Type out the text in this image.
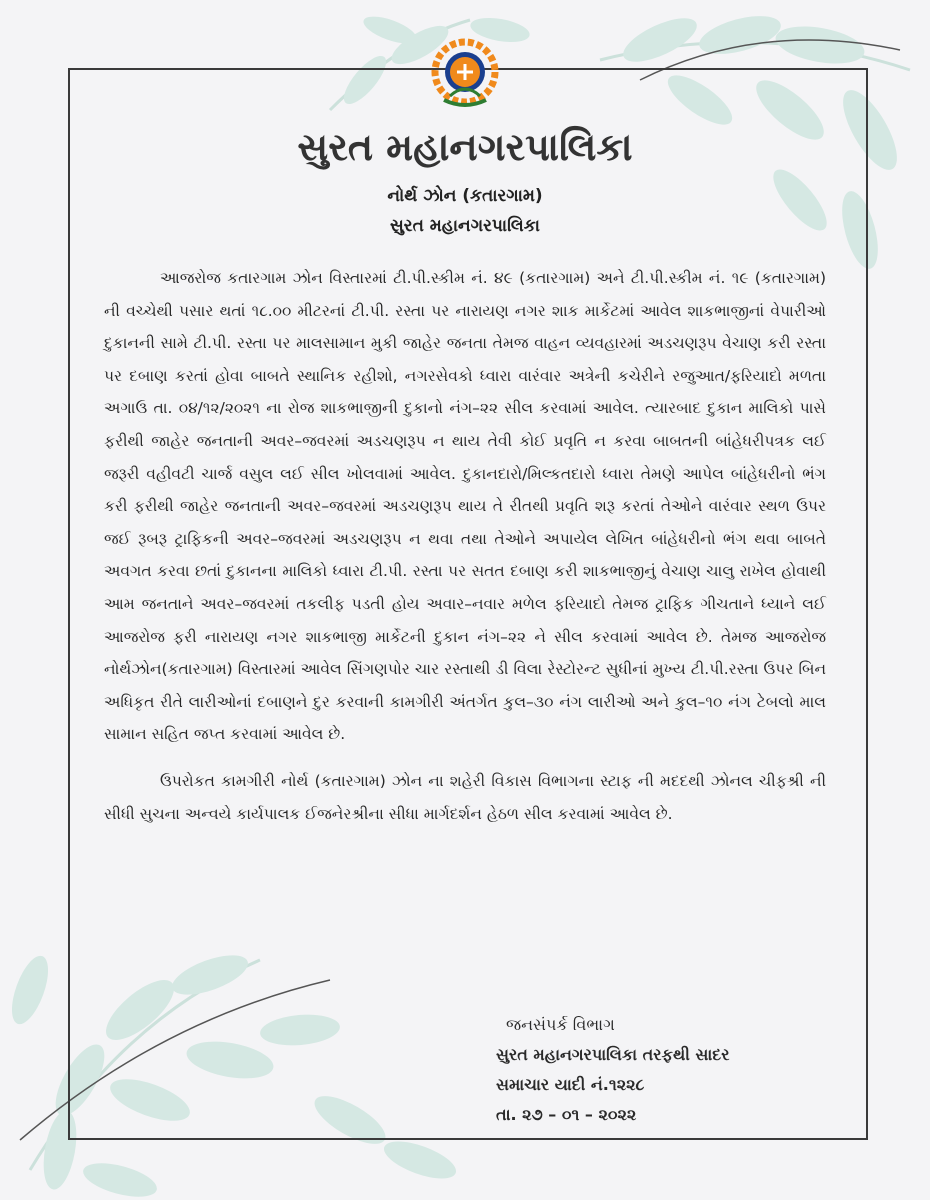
સુરત મહાનગરપાલિકા
નોર્થ ઝોન (કતારગામ)
સુરત મહાનગરપાલિકા

આજરોજ કતારગામ ઝોન વિસ્તારમાં ટી.પી.સ્કીમ નં. ૪૯ (કતારગામ) અને ટી.પી.સ્કીમ નં. ૧૯ (કતારગામ) ની વચ્ચેથી પસાર થતાં ૧૮.૦૦ મીટરનાં ટી.પી. રસ્તા પર નારાયણ નગર શાક માર્કેટમાં આવેલ શાકભાજીનાં વેપારીઓ દુકાનની સામે ટી.પી. રસ્તા પર માલસામાન મુકી જાહેર જનતા તેમજ વાહન વ્યવહારમાં અડચણરૂપ વેચાણ કરી રસ્તા પર દબાણ કરતાં હોવા બાબતે સ્થાનિક રહીશો, નગરસેવકો ધ્વારા વારંવાર અત્રેની કચેરીને રજુઆત/ફરિયાદો મળતા અગાઉ તા. ૦૪/૧૨/૨૦૨૧ ના રોજ શાકભાજીની દુકાનો નંગ–૨૨ સીલ કરવામાં આવેલ. ત્યારબાદ દુકાન માલિકો પાસે ફરીથી જાહેર જનતાની અવર–જવરમાં અડચણરૂપ ન થાય તેવી કોઈ પ્રવૃતિ ન કરવા બાબતની બાંહેધરીપત્રક લઈ જરૂરી વહીવટી ચાર્જ વસુલ લઈ સીલ ખોલવામાં આવેલ. દુકાનદારો/મિલ્કતદારો ધ્વારા તેમણે આપેલ બાંહેધરીનો ભંગ કરી ફરીથી જાહેર જનતાની અવર–જવરમાં અડચણરૂપ થાય તે રીતથી પ્રવૃતિ શરૂ કરતાં તેઓને વારંવાર સ્થળ ઉપર જઈ રૂબરૂ ટ્રાફિકની અવર–જવરમાં અડચણરૂપ ન થવા તથા તેઓને અપાયેલ લેખિત બાંહેધરીનો ભંગ થવા બાબતે અવગત કરવા છતાં દુકાનના માલિકો ધ્વારા ટી.પી. રસ્તા પર સતત દબાણ કરી શાકભાજીનું વેચાણ ચાલુ રાખેલ હોવાથી આમ જનતાને અવર–જવરમાં તકલીફ પડતી હોય અવાર–નવાર મળેલ ફરિયાદો તેમજ ટ્રાફિક ગીચતાને ધ્યાને લઈ આજરોજ ફરી નારાયણ નગર શાકભાજી માર્કેટની દુકાન નંગ–૨૨ ને સીલ કરવામાં આવેલ છે. તેમજ આજરોજ નોર્થઝોન(કતારગામ) વિસ્તારમાં આવેલ સિંગણપોર ચાર રસ્તાથી ડી વિલા રેસ્ટોરન્ટ સુધીનાં મુખ્ય ટી.પી.રસ્તા ઉપર બિન અધિકૃત રીતે લારીઓનાં દબાણને દુર કરવાની કામગીરી અંતર્ગત કુલ–૩૦ નંગ લારીઓ અને કુલ–૧૦ નંગ ટેબલો માલ સામાન સહિત જપ્ત કરવામાં આવેલ છે.

ઉપરોકત કામગીરી નોર્થ (કતારગામ) ઝોન ના શહેરી વિકાસ વિભાગના સ્ટાફ ની મદદથી ઝોનલ ચીફશ્રી ની સીધી સુચના અન્વયે કાર્યપાલક ઈજનેરશ્રીના સીધા માર્ગદર્શન હેઠળ સીલ કરવામાં આવેલ છે.

જનસંપર્ક વિભાગ
સુરત મહાનગરપાલિકા તરફથી સાદર
સમાચાર યાદી નં.૧૨૨૮
તા. ૨૭ – ૦૧ – ૨૦૨૨
